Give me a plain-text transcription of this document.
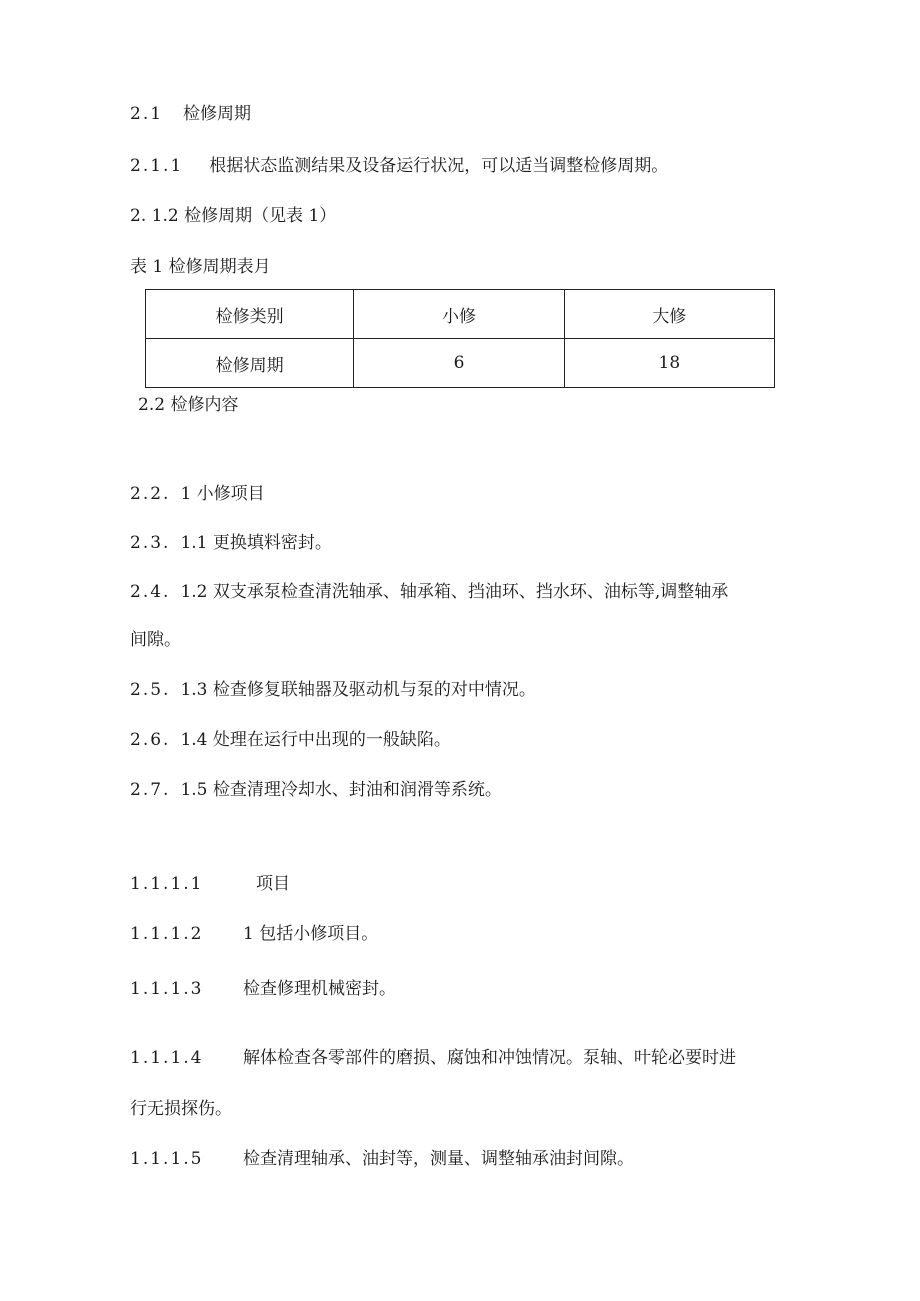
2.1 检修周期
2.1.1 根据状态监测结果及设备运行状况，可以适当调整检修周期。
2. 1.2 检修周期（见表 1）
表 1 检修周期表月
检修类别	小修	大修
检修周期	6	18
2.2 检修内容
2.2. 1 小修项目
2.3. 1.1 更换填料密封。
2.4. 1.2 双支承泵检查清洗轴承、轴承箱、挡油环、挡水环、油标等,调整轴承
间隙。
2.5. 1.3 检查修复联轴器及驱动机与泵的对中情况。
2.6. 1.4 处理在运行中出现的一般缺陷。
2.7. 1.5 检查清理冷却水、封油和润滑等系统。
1.1.1.1	项目
1.1.1.2 1 包括小修项目。
1.1.1.3 检查修理机械密封。
1.1.1.4 解体检查各零部件的磨损、腐蚀和冲蚀情况。泵轴、叶轮必要时进
行无损探伤。
1.1.1.5 检查清理轴承、油封等，测量、调整轴承油封间隙。
